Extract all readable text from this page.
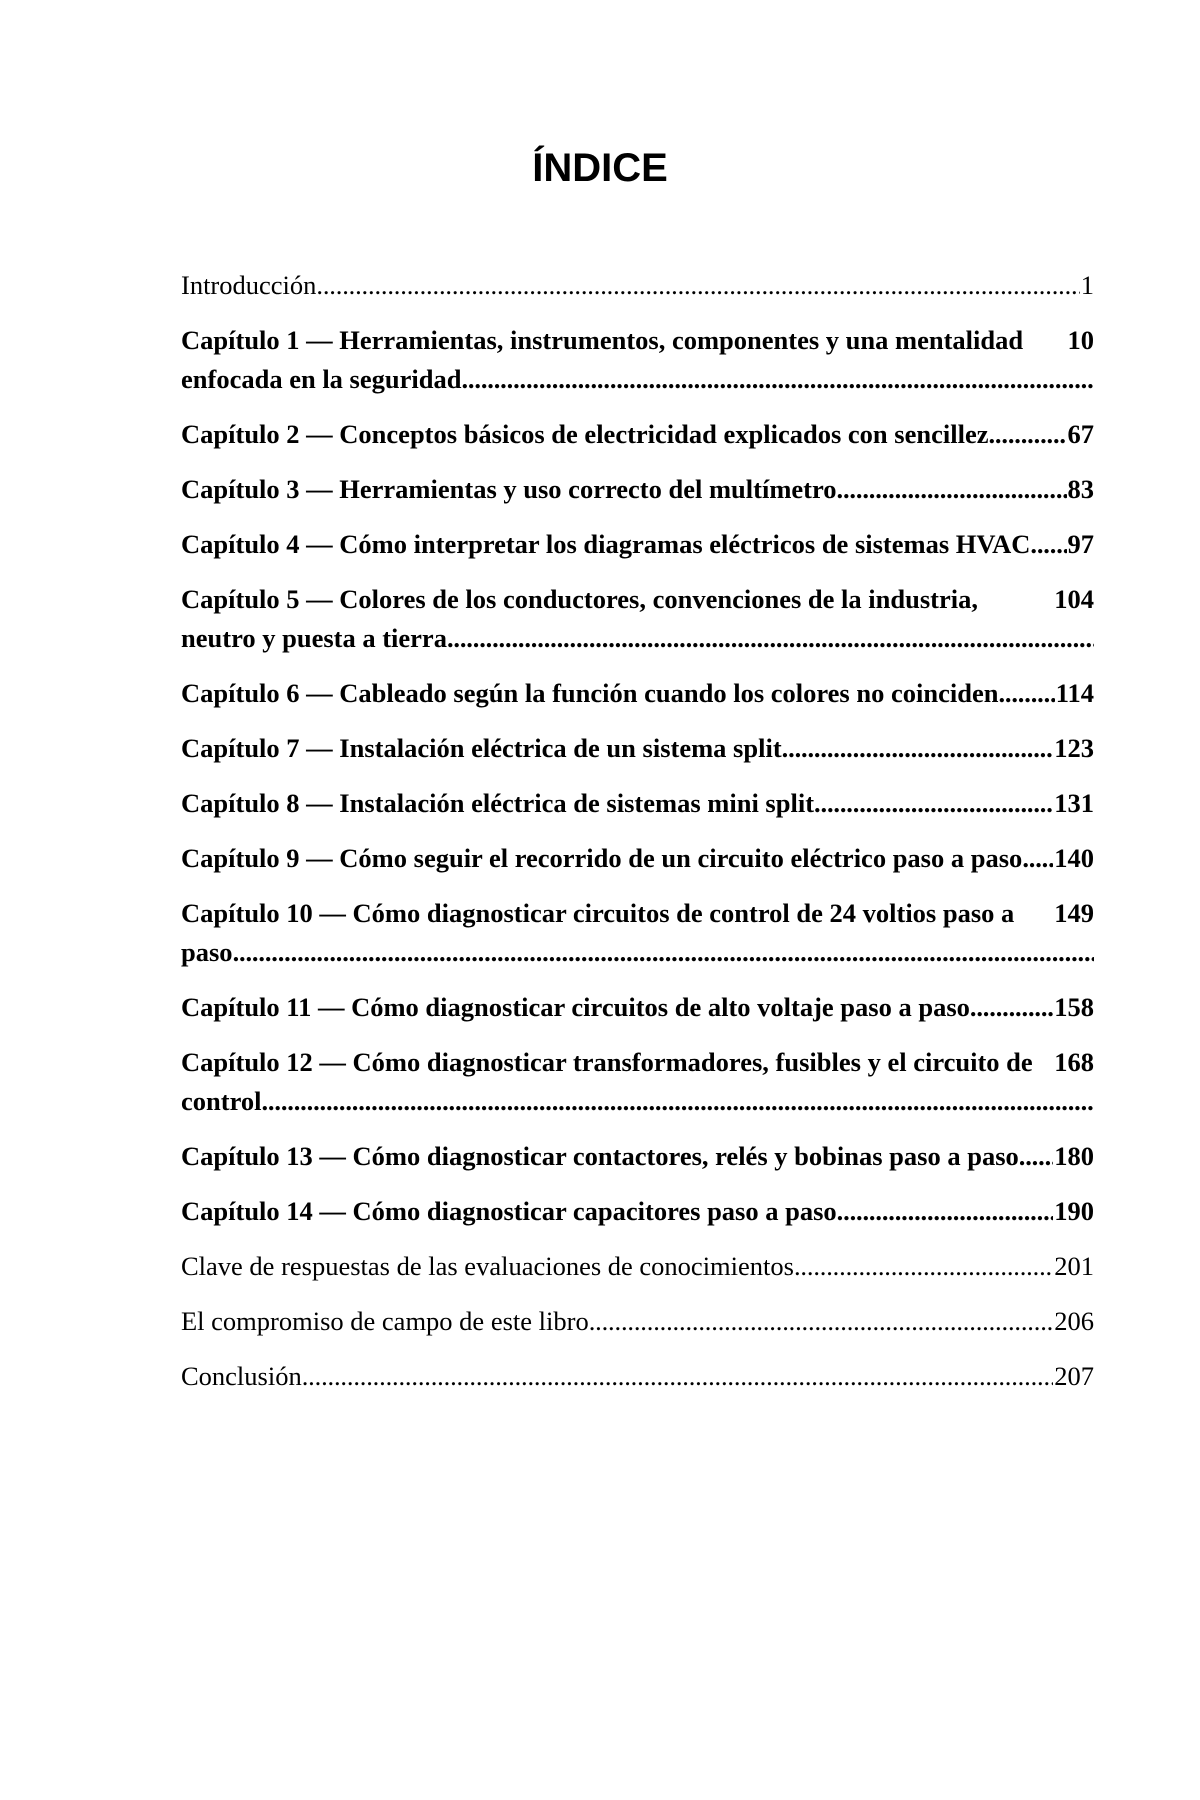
ÍNDICE
1
Introducción . . .
10
Capítulo 1 — Herramientas, instrumentos, componentes y una mentalidad enfocada en la seguridad . . .
67
Capítulo 2 — Conceptos básicos de electricidad explicados con sencillez . . .
83
Capítulo 3 — Herramientas y uso correcto del multímetro . . .
97
Capítulo 4 — Cómo interpretar los diagramas eléctricos de sistemas HVAC . . .
104
Capítulo 5 — Colores de los conductores, convenciones de la industria, neutro y puesta a tierra . . .
114
Capítulo 6 — Cableado según la función cuando los colores no coinciden . . .
123
Capítulo 7 — Instalación eléctrica de un sistema split . . .
131
Capítulo 8 — Instalación eléctrica de sistemas mini split . . .
140
Capítulo 9 — Cómo seguir el recorrido de un circuito eléctrico paso a paso . . .
149
Capítulo 10 — Cómo diagnosticar circuitos de control de 24 voltios paso a paso . . .
158
Capítulo 11 — Cómo diagnosticar circuitos de alto voltaje paso a paso . . .
168
Capítulo 12 — Cómo diagnosticar transformadores, fusibles y el circuito de control . . .
180
Capítulo 13 — Cómo diagnosticar contactores, relés y bobinas paso a paso . . .
190
Capítulo 14 — Cómo diagnosticar capacitores paso a paso . . .
201
Clave de respuestas de las evaluaciones de conocimientos . . .
206
El compromiso de campo de este libro . . .
207
Conclusión . . .
